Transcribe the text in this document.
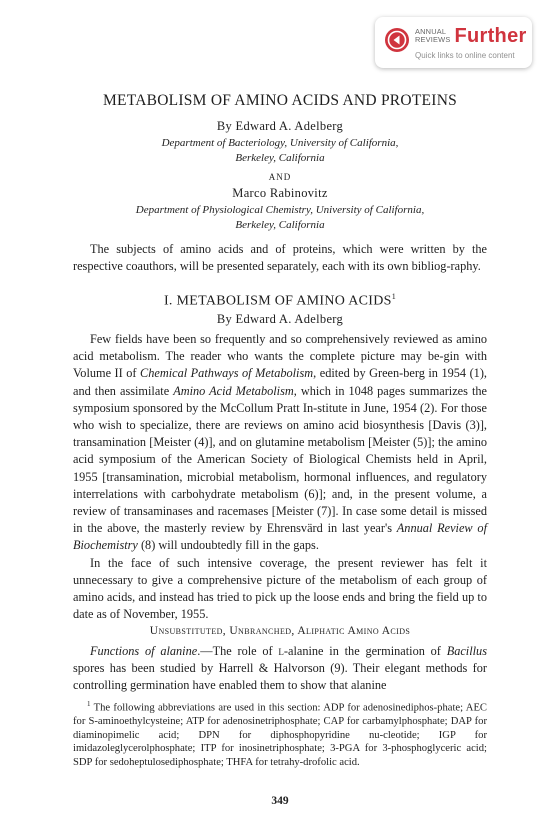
ANNUAL
REVIEWS Further
Quick links to online content
METABOLISM OF AMINO ACIDS AND PROTEINS
By Edward A. Adelberg
Department of Bacteriology, University of California,
Berkeley, California
AND
Marco Rabinovitz
Department of Physiological Chemistry, University of California,
Berkeley, California

The subjects of amino acids and of proteins, which were written by the respective coauthors, will be presented separately, each with its own bibliog-raphy.

I. METABOLISM OF AMINO ACIDS$^1$
By Edward A. Adelberg

Few fields have been so frequently and so comprehensively reviewed as amino acid metabolism. The reader who wants the complete picture may be-gin with Volume II of Chemical Pathways of Metabolism, edited by Green-berg in 1954 (1), and then assimilate Amino Acid Metabolism, which in 1048 pages summarizes the symposium sponsored by the McCollum Pratt In-stitute in June, 1954 (2). For those who wish to specialize, there are reviews on amino acid biosynthesis [Davis (3)], transamination [Meister (4)], and on glutamine metabolism [Meister (5)]; the amino acid symposium of the American Society of Biological Chemists held in April, 1955 [transamination, microbial metabolism, hormonal influences, and regulatory interrelations with carbohydrate metabolism (6)]; and, in the present volume, a review of transaminases and racemases [Meister (7)]. In case some detail is missed in the above, the masterly review by Ehrensvärd in last year's Annual Review of Biochemistry (8) will undoubtedly fill in the gaps.

In the face of such intensive coverage, the present reviewer has felt it unnecessary to give a comprehensive picture of the metabolism of each group of amino acids, and instead has tried to pick up the loose ends and bring the field up to date as of November, 1955.

Unsubstituted, Unbranched, Aliphatic Amino Acids

Functions of alanine.—The role of l-alanine in the germination of Bacillus spores has been studied by Harrell & Halvorson (9). Their elegant methods for controlling germination have enabled them to show that alanine

$^1$ The following abbreviations are used in this section: ADP for adenosinediphos-phate; AEC for S-aminoethylcysteine; ATP for adenosinetriphosphate; CAP for carbamylphosphate; DAP for diaminopimelic acid; DPN for diphosphopyridine nu-cleotide; IGP for imidazoleglycerolphosphate; ITP for inosinetriphosphate; 3-PGA for 3-phosphoglyceric acid; SDP for sedoheptulosediphosphate; THFA for tetrahy-drofolic acid.

349
